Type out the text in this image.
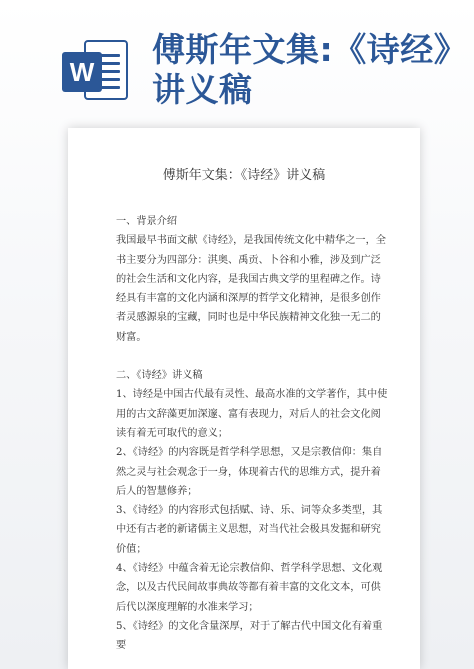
W
傅斯年文集:《诗经》讲义稿
傅斯年文集：《诗经》讲义稿

一、背景介绍

我国最早书面文献《诗经》，是我国传统文化中精华之一，全书主要分为四部分：淇奥、禹贡、卜谷和小雅，涉及到广泛的社会生活和文化内容，是我国古典文学的里程碑之作。诗经具有丰富的文化内涵和深厚的哲学文化精神，是很多创作者灵感源泉的宝藏，同时也是中华民族精神文化独一无二的财富。

二、《诗经》讲义稿

1、诗经是中国古代最有灵性、最高水准的文学著作，其中使用的古文辞藻更加深邃、富有表现力，对后人的社会文化阅读有着无可取代的意义；

2、《诗经》的内容既是哲学科学思想，又是宗教信仰：集自然之灵与社会观念于一身，体现着古代的思维方式，提升着后人的智慧修养；

3、《诗经》的内容形式包括赋、诗、乐、词等众多类型，其中还有古老的新诸儒主义思想，对当代社会极具发掘和研究价值；

4、《诗经》中蕴含着无论宗教信仰、哲学科学思想、文化观念，以及古代民间故事典故等都有着丰富的文化文本，可供后代以深度理解的水准来学习；

5、《诗经》的文化含量深厚，对于了解古代中国文化有着重要
